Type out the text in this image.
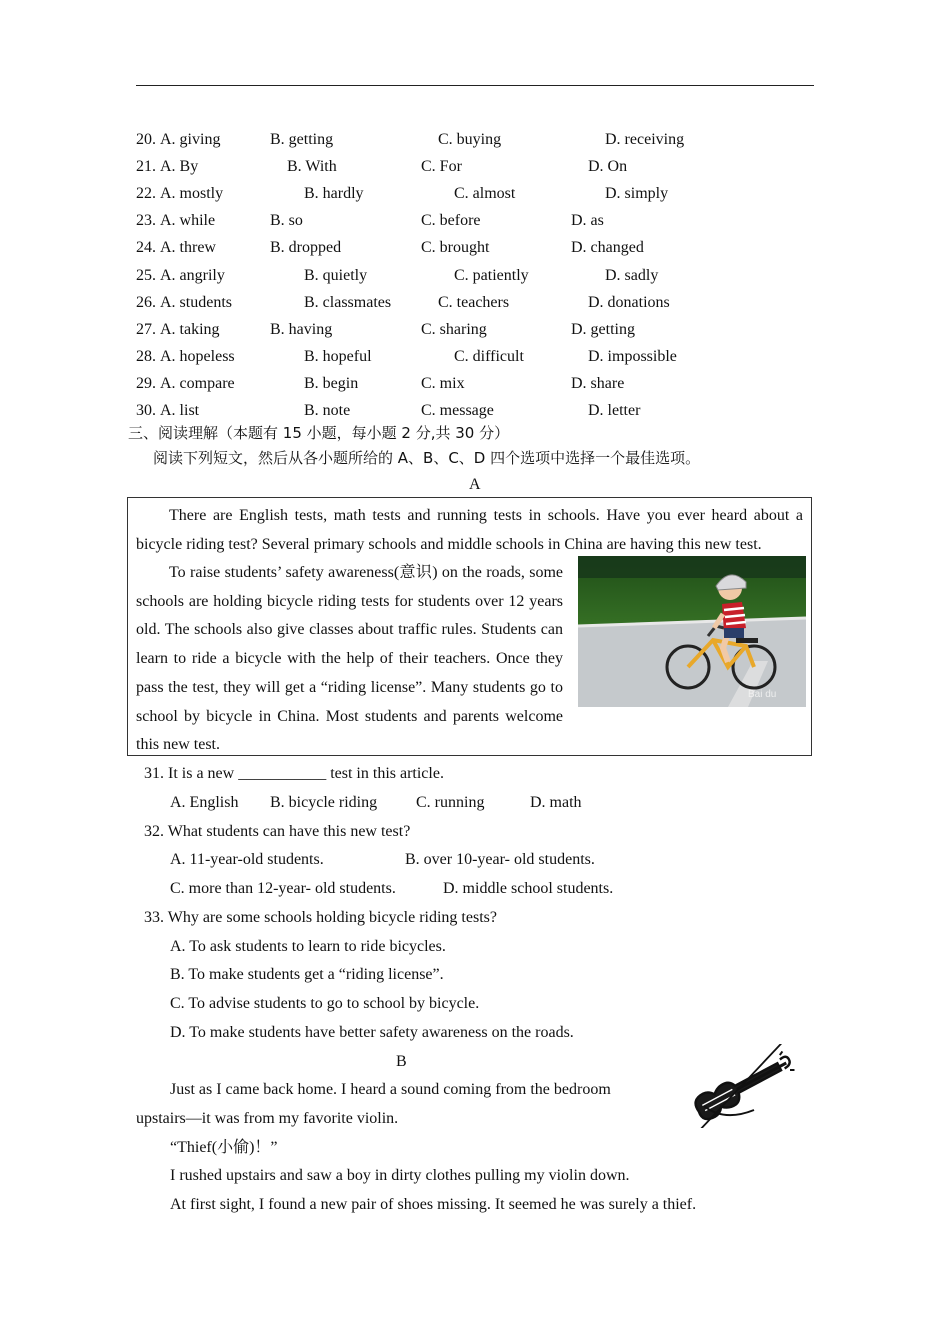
20. A. giving	B. getting	C. buying	D. receiving
21. A. By	B. With	C. For	D. On
22. A. mostly	B. hardly	C. almost	D. simply
23. A. while	B. so	C. before	D. as
24. A. threw	B. dropped	C. brought	D. changed
25. A. angrily	B. quietly	C. patiently	D. sadly
26. A. students	B. classmates	C. teachers	D. donations
27. A. taking	B. having	C. sharing	D. getting
28. A. hopeless	B. hopeful	C. difficult	D. impossible
29. A. compare	B. begin	C. mix	D. share
30. A. list	B. note	C. message	D. letter
三、阅读理解（本题有 15 小题，每小题 2 分,共 30 分）
阅读下列短文，然后从各小题所给的 A、B、C、D 四个选项中选择一个最佳选项。
A

There are English tests, math tests and running tests in schools. Have you ever heard about a bicycle riding test? Several primary schools and middle schools in China are having this new test.

To raise students’ safety awareness(意识) on the roads, some schools are holding bicycle riding tests for students over 12 years old. The schools also give classes about traffic rules. Students can learn to ride a bicycle with the help of their teachers. Once they pass the test, they will get a “riding license”. Many students go to school by bicycle in China. Most students and parents welcome this new test.

Bai du
31. It is a new ___________ test in this article.
A. English B. bicycle riding C. running	D. math
32. What students can have this new test?
A. 11-year-old students.	B. over 10-year- old students.
C. more than 12-year- old students.	D. middle school students.
33. Why are some schools holding bicycle riding tests?
A. To ask students to learn to ride bicycles.
B. To make students get a “riding license”.
C. To advise students to go to school by bicycle.
D. To make students have better safety awareness on the roads.
B
Just as I came back home. I heard a sound coming from the bedroom
upstairs—it was from my favorite violin.
“Thief(小偷)！”
I rushed upstairs and saw a boy in dirty clothes pulling my violin down.
At first sight, I found a new pair of shoes missing. It seemed he was surely a thief.
